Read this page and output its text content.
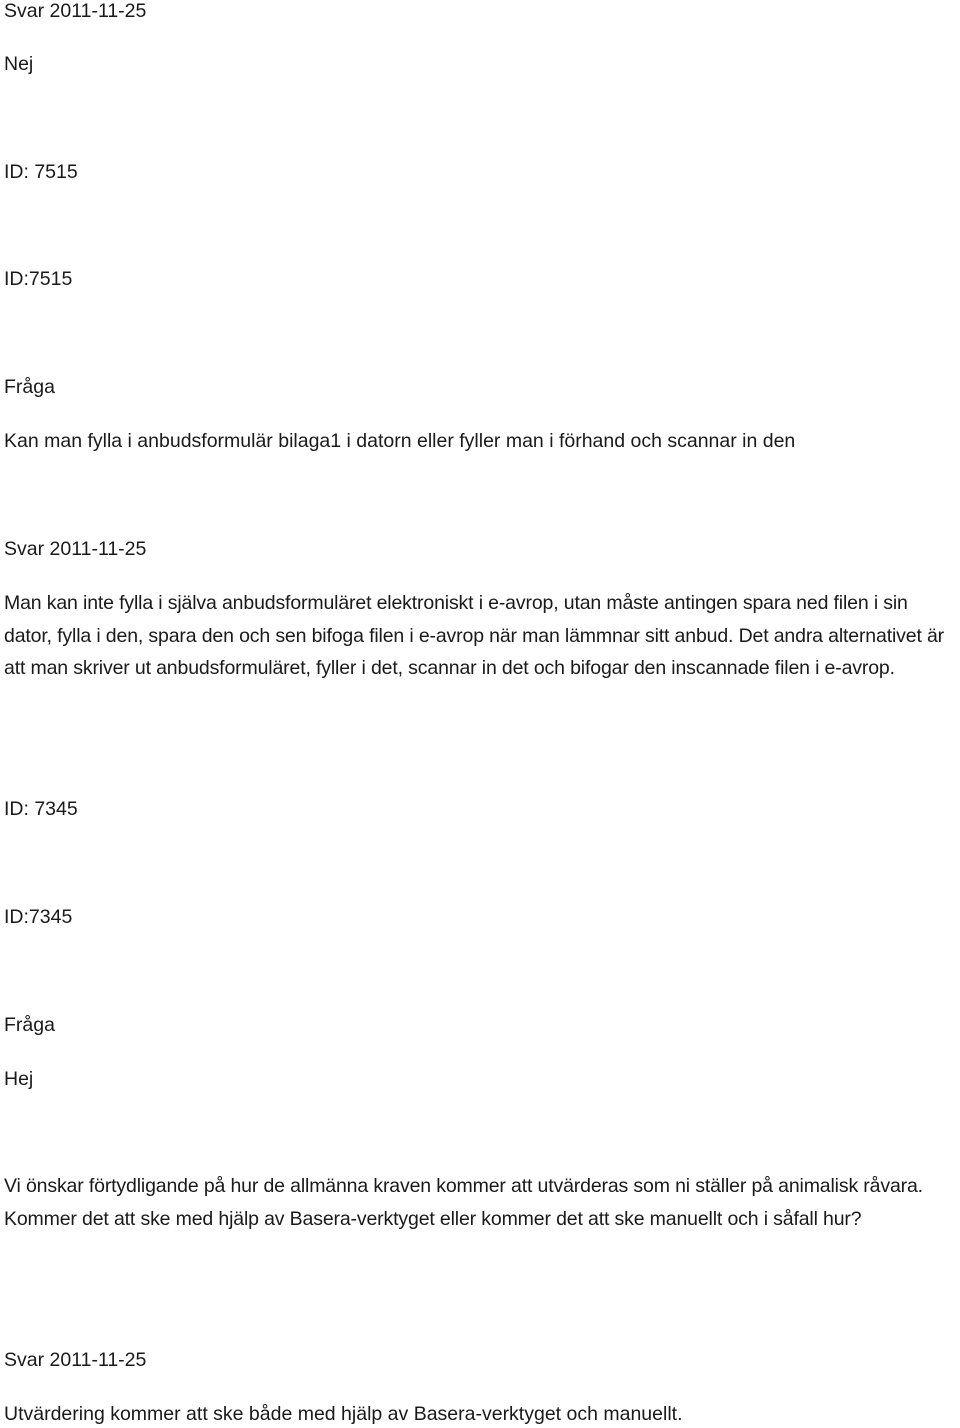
Svar 2011-11-25

Nej

ID: 7515

ID:7515

Fråga

Kan man fylla i anbudsformulär bilaga1 i datorn eller fyller man i förhand och scannar in den

Svar 2011-11-25

Man kan inte fylla i själva anbudsformuläret elektroniskt i e-avrop, utan måste antingen spara ned filen i sin dator, fylla i den, spara den och sen bifoga filen i e-avrop när man lämmnar sitt anbud. Det andra alternativet är att man skriver ut anbudsformuläret, fyller i det, scannar in det och bifogar den inscannade filen i e-avrop.

ID: 7345

ID:7345

Fråga

Hej

Vi önskar förtydligande på hur de allmänna kraven kommer att utvärderas som ni ställer på animalisk råvara. Kommer det att ske med hjälp av Basera-verktyget eller kommer det att ske manuellt och i såfall hur?

Svar 2011-11-25

Utvärdering kommer att ske både med hjälp av Basera-verktyget och manuellt.
